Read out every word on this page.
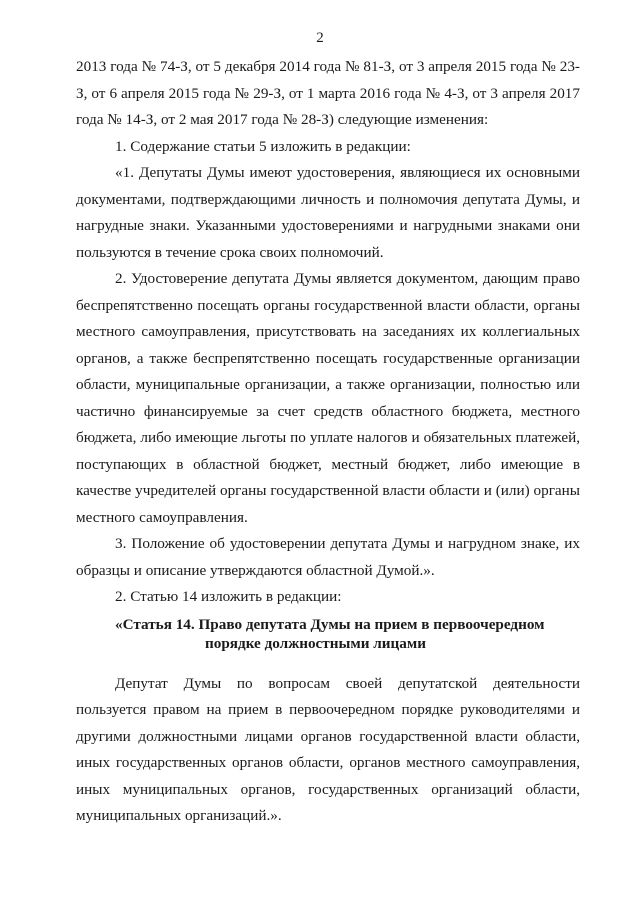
2

2013 года № 74-З, от 5 декабря 2014 года № 81-З, от 3 апреля 2015 года № 23-З, от 6 апреля 2015 года № 29-З, от 1 марта 2016 года № 4-З, от 3 апреля 2017 года № 14-З, от 2 мая 2017 года № 28-З) следующие изменения:

1. Содержание статьи 5 изложить в редакции:

«1. Депутаты Думы имеют удостоверения, являющиеся их основными документами, подтверждающими личность и полномочия депутата Думы, и нагрудные знаки. Указанными удостоверениями и нагрудными знаками они пользуются в течение срока своих полномочий.

2. Удостоверение депутата Думы является документом, дающим право беспрепятственно посещать органы государственной власти области, органы местного самоуправления, присутствовать на заседаниях их коллегиальных органов, а также беспрепятственно посещать государственные организации области, муниципальные организации, а также организации, полностью или частично финансируемые за счет средств областного бюджета, местного бюджета, либо имеющие льготы по уплате налогов и обязательных платежей, поступающих в областной бюджет, местный бюджет, либо имеющие в качестве учредителей органы государственной власти области и (или) органы местного самоуправления.

3. Положение об удостоверении депутата Думы и нагрудном знаке, их образцы и описание утверждаются областной Думой.».

2. Статью 14 изложить в редакции:

«Статья 14. Право депутата Думы на прием в первоочередном
порядке должностными лицами

Депутат Думы по вопросам своей депутатской деятельности пользуется правом на прием в первоочередном порядке руководителями и другими должностными лицами органов государственной власти области, иных государственных органов области, органов местного самоуправления, иных муниципальных органов, государственных организаций области, муниципальных организаций.».
